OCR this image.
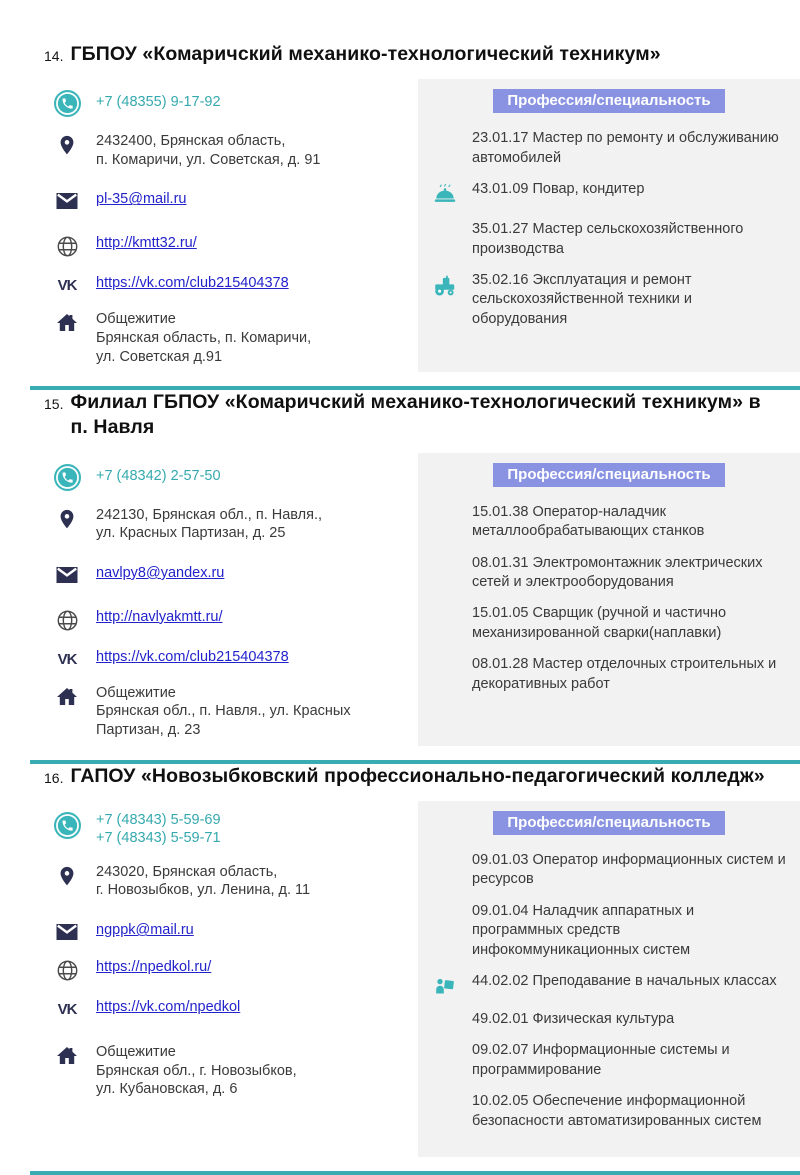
14. ГБПОУ «Комаричский механико-технологический техникум»
+7 (48355) 9-17-92
2432400, Брянская область,
п. Комаричи, ул. Советская, д. 91
pl-35@mail.ru
http://kmtt32.ru/
VK https://vk.com/club215404378
Общежитие
Брянская область, п. Комаричи,
ул. Советская д.91
Профессия/специальность
23.01.17 Мастер по ремонту и обслуживанию автомобилей
43.01.09 Повар, кондитер
35.01.27 Мастер сельскохозяйственного производства
35.02.16 Эксплуатация и ремонт сельскохозяйственной техники и оборудования
15. Филиал ГБПОУ «Комаричский механико-технологический техникум» в п. Навля
+7 (48342) 2-57-50
242130, Брянская обл., п. Навля.,
ул. Красных Партизан, д. 25
navlpy8@yandex.ru
http://navlyakmtt.ru/
VK https://vk.com/club215404378
Общежитие
Брянская обл., п. Навля., ул. Красных
Партизан, д. 23
Профессия/специальность
15.01.38 Оператор-наладчик металлообрабатывающих станков
08.01.31 Электромонтажник электрических сетей и электрооборудования
15.01.05 Сварщик (ручной и частично механизированной сварки(наплавки)
08.01.28 Мастер отделочных строительных и декоративных работ
16. ГАПОУ «Новозыбковский профессионально-педагогический колледж»
+7 (48343) 5-59-69
+7 (48343) 5-59-71
243020, Брянская область,
г. Новозыбков, ул. Ленина, д. 11
ngppk@mail.ru
https://npedkol.ru/
VK https://vk.com/npedkol
Общежитие
Брянская обл., г. Новозыбков,
ул. Кубановская, д. 6
Профессия/специальность
09.01.03 Оператор информационных систем и ресурсов
09.01.04 Наладчик аппаратных и программных средств инфокоммуникационных систем
44.02.02 Преподавание в начальных классах
49.02.01 Физическая культура
09.02.07 Информационные системы и программирование
10.02.05 Обеспечение информационной безопасности автоматизированных систем
